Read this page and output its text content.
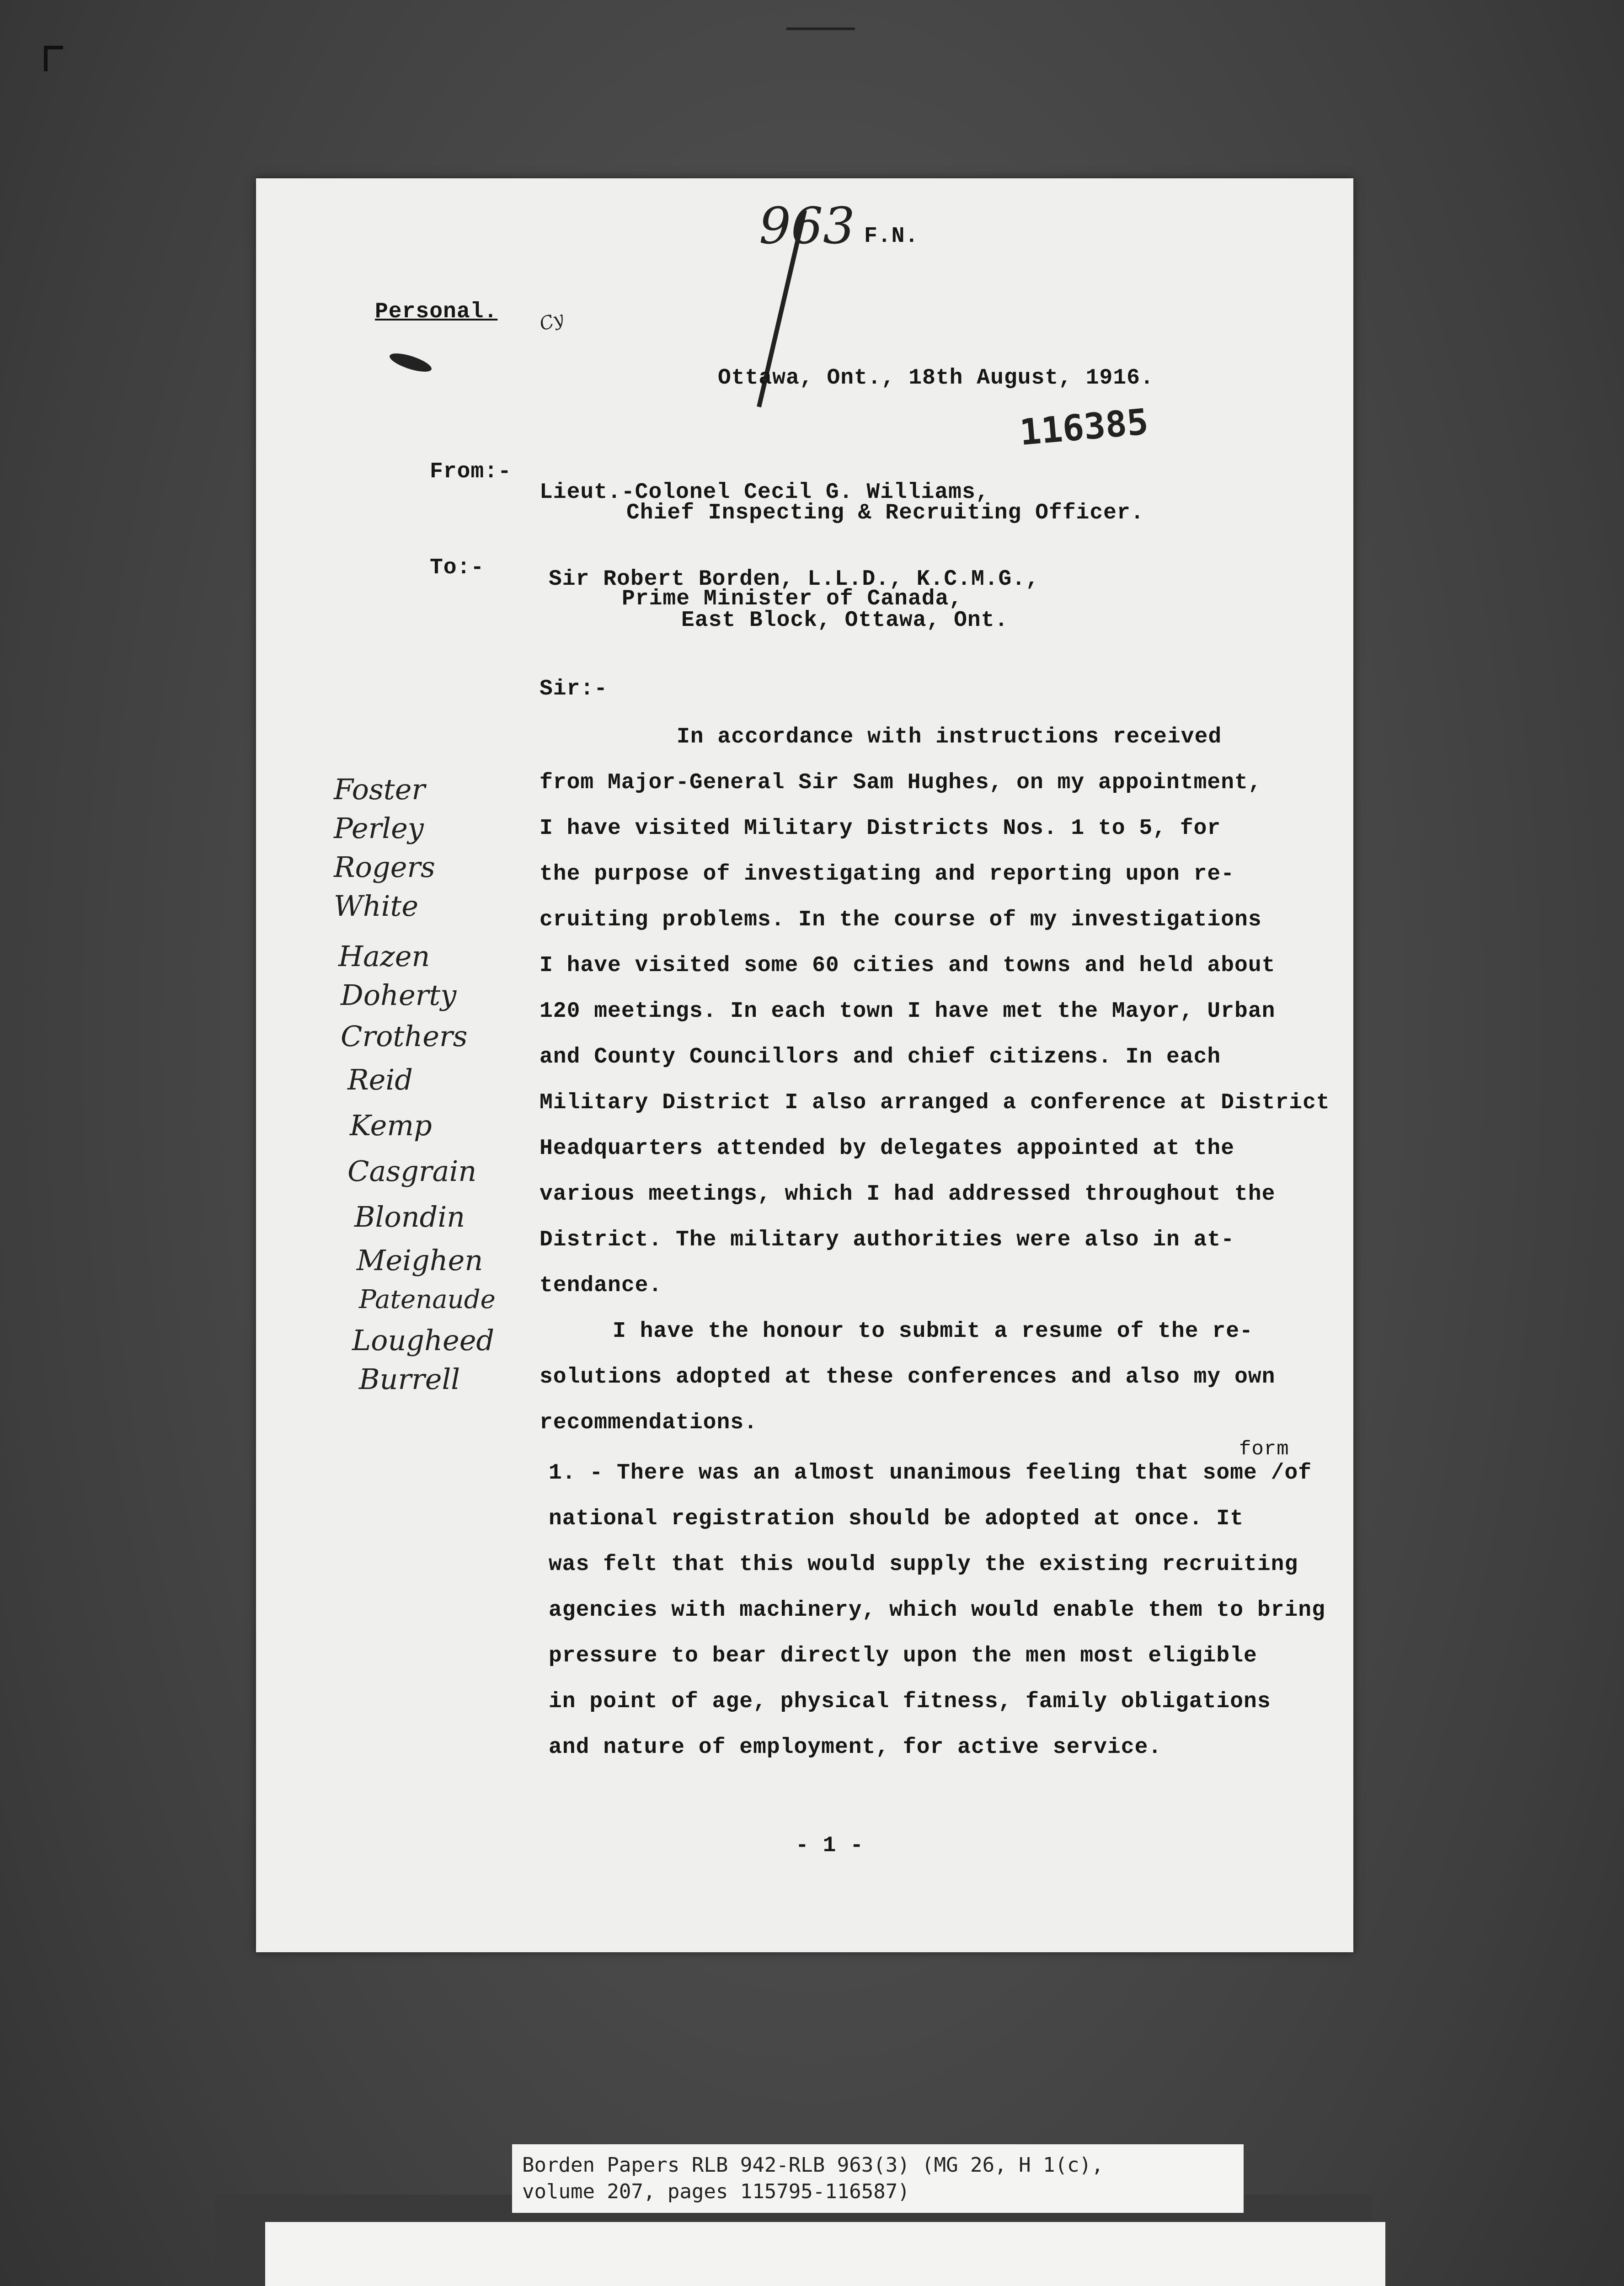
963 F.N.
Personal. Cy
Ottawa, Ont., 18th August, 1916.
116385
From:-
Lieut.-Colonel Cecil G. Williams,
Chief Inspecting & Recruiting Officer.
To:-	Sir Robert Borden, L.L.D., K.C.M.G.,
Prime Minister of Canada,
East Block, Ottawa, Ont.
Sir:-
In accordance with instructions received
from Major-General Sir Sam Hughes, on my appointment,
I have visited Military Districts Nos. 1 to 5, for
the purpose of investigating and reporting upon re-
cruiting problems. In the course of my investigations
I have visited some 60 cities and towns and held about
120 meetings. In each town I have met the Mayor, Urban
and County Councillors and chief citizens. In each
Military District I also arranged a conference at District
Headquarters attended by delegates appointed at the
various meetings, which I had addressed throughout the
District. The military authorities were also in at-
tendance.
I have the honour to submit a resume of the re-
solutions adopted at these conferences and also my own
recommendations.
form
1. - There was an almost unanimous feeling that some /of
national registration should be adopted at once. It
was felt that this would supply the existing recruiting
agencies with machinery, which would enable them to bring
pressure to bear directly upon the men most eligible
in point of age, physical fitness, family obligations
and nature of employment, for active service.
- 1 -
Foster
Perley
Rogers
White
Hazen
Doherty
Crothers
Reid
Kemp
Casgrain
Blondin
Meighen
Patenaude
Lougheed
Burrell
Borden Papers RLB 942-RLB 963(3) (MG 26, H 1(c),
volume 207, pages 115795-116587)
